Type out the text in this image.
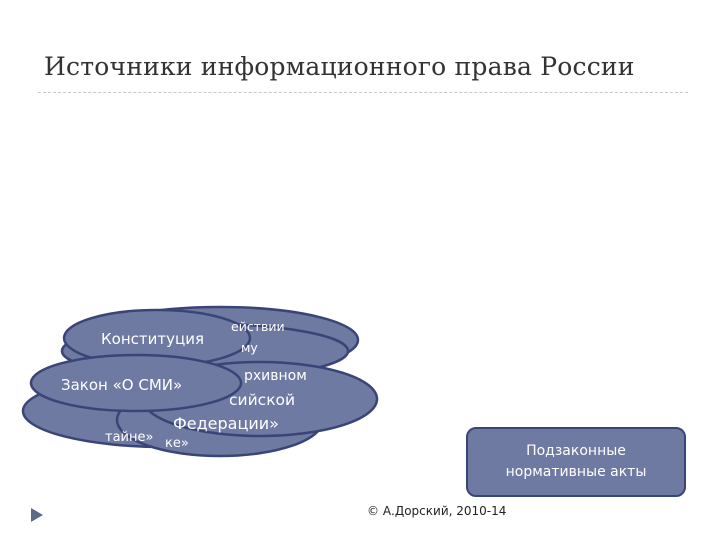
Источники информационного права России
ействии
му
Конституция
рхивном
сийской
Федерации»
Закон «О СМИ»
тайне» ке»	Подзаконные нормативные акты
© А.Дорский, 2010-14
